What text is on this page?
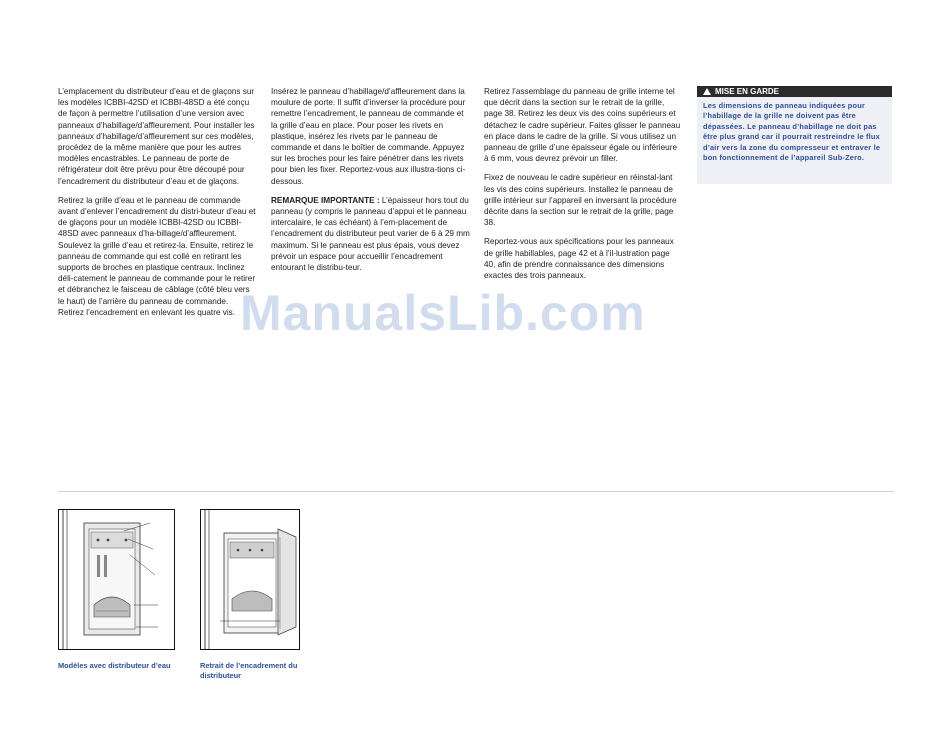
L’emplacement du distributeur d’eau et de glaçons sur les modèles ICBBI-42SD et ICBBI-48SD a été conçu de façon à permettre l’utilisation d’une version avec panneaux d’habillage/d’affleurement. Pour installer les panneaux d’habillage/d’affleurement sur ces modèles, procédez de la même manière que pour les autres modèles encastrables. Le panneau de porte de réfrigérateur doit être prévu pour être découpé pour l’encadrement du distributeur d’eau et de glaçons.

Retirez la grille d’eau et le panneau de commande avant d’enlever l’encadrement du distri-buteur d’eau et de glaçons pour un modèle ICBBI-42SD ou ICBBI-48SD avec panneaux d’ha-billage/d’affleurement. Soulevez la grille d’eau et retirez-la. Ensuite, retirez le panneau de commande qui est collé en retirant les supports de broches en plastique centraux. Inclinez déli-catement le panneau de commande pour le retirer et débranchez le faisceau de câblage (côté bleu vers le haut) de l’arrière du panneau de commande. Retirez l’encadrement en enlevant les quatre vis.

Insérez le panneau d’habillage/d’affleurement dans la moulure de porte. Il suffit d’inverser la procédure pour remettre l’encadrement, le panneau de commande et la grille d’eau en place. Pour poser les rivets en plastique, insérez les rivets par le panneau de commande et dans le boîtier de commande. Appuyez sur les broches pour les faire pénétrer dans les rivets pour bien les fixer. Reportez-vous aux illustra-tions ci-dessous.

REMARQUE IMPORTANTE : L’épaisseur hors tout du panneau (y compris le panneau d’appui et le panneau intercalaire, le cas échéant) à l’em-placement de l’encadrement du distributeur peut varier de 6 à 29 mm maximum. Si le panneau est plus épais, vous devez prévoir un espace pour accueillir l’encadrement entourant le distribu-teur.

Retirez l’assemblage du panneau de grille interne tel que décrit dans la section sur le retrait de la grille, page 38. Retirez les deux vis des coins supérieurs et détachez le cadre supérieur. Faites glisser le panneau en place dans le cadre de la grille. Si vous utilisez un panneau de grille d’une épaisseur égale ou inférieure à 6 mm, vous devrez prévoir un filler.

Fixez de nouveau le cadre supérieur en réinstal-lant les vis des coins supérieurs. Installez le panneau de grille intérieur sur l’appareil en inversant la procédure décrite dans la section sur le retrait de la grille, page 38.

Reportez-vous aux spécifications pour les panneaux de grille habillables, page 42 et à l’il-lustration page 40, afin de prendre connaissance des dimensions exactes des trois panneaux.

MISE EN GARDE
Les dimensions de panneau indiquées pour l’habillage de la grille ne doivent pas être dépassées. Le panneau d’habillage ne doit pas être plus grand car il pourrait restreindre le flux d’air vers la zone du compresseur et entraver le bon fonctionnement de l’appareil Sub-Zero.
ManualsLib.com
Modèles avec distributeur d’eau	Retrait de l’encadrement du distributeur
